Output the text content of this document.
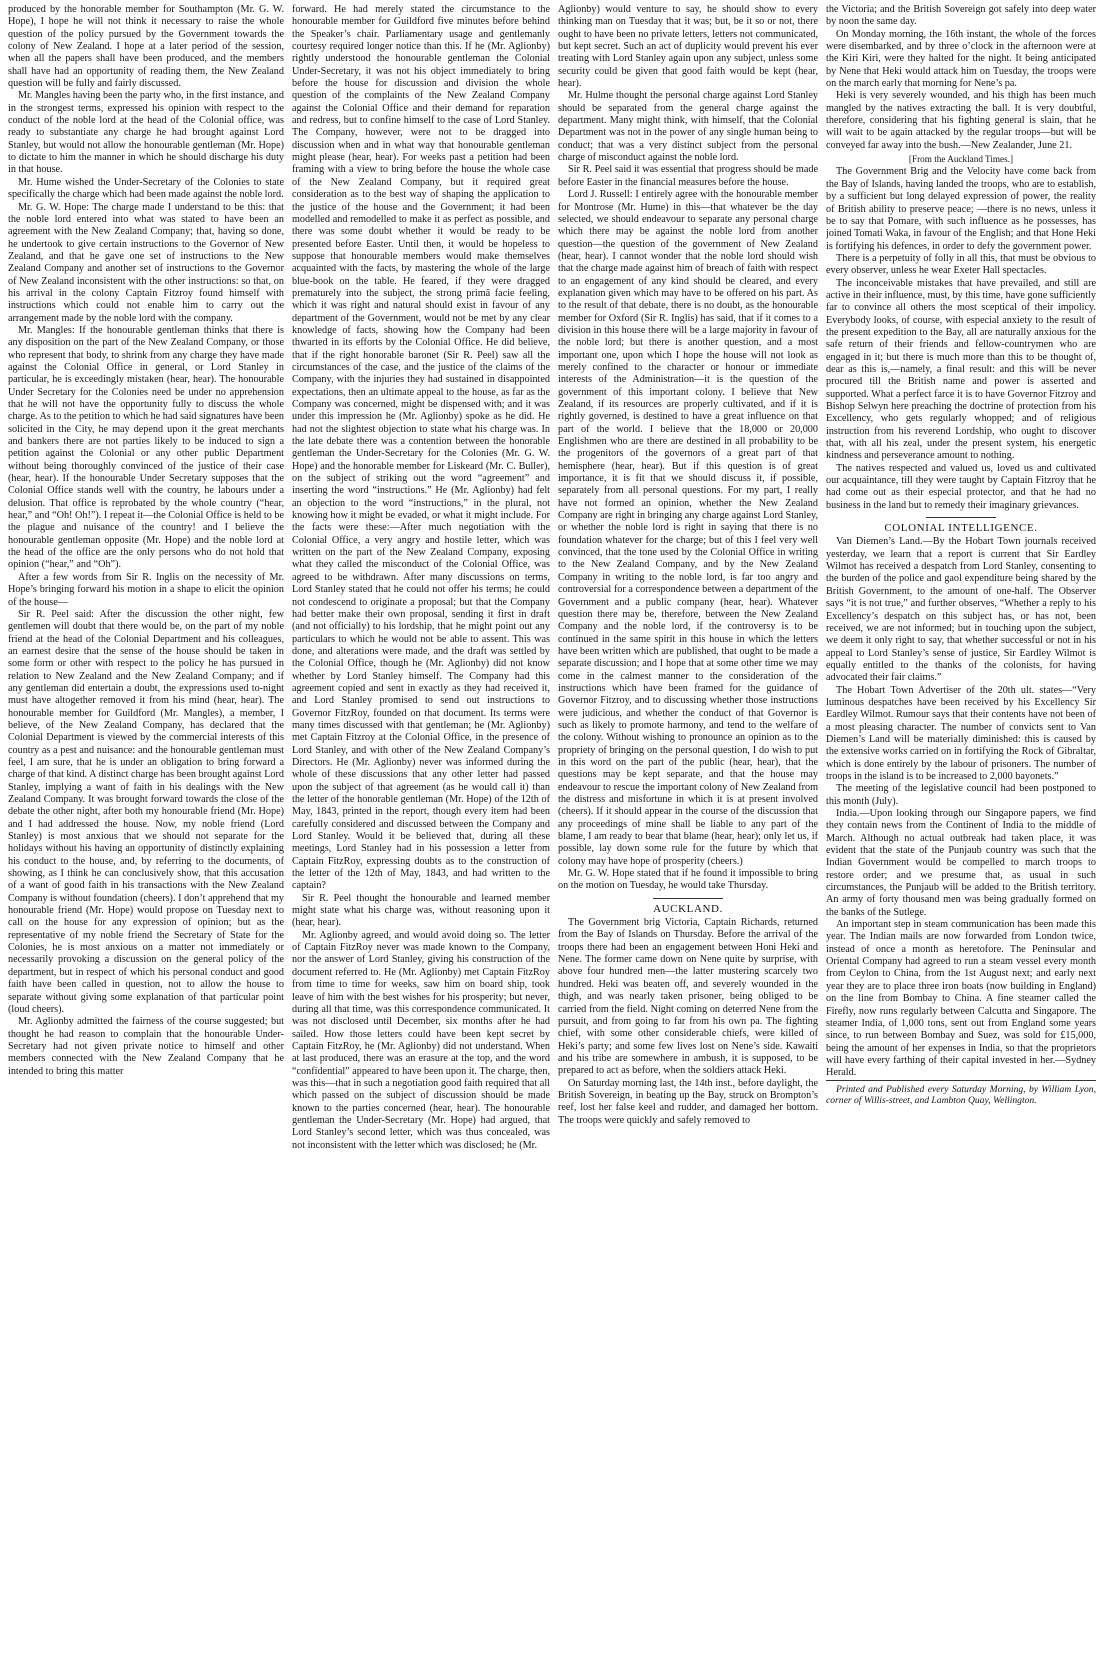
produced by the honorable member for Southampton (Mr. G. W. Hope), I hope he will not think it necessary to raise the whole question of the policy pursued by the Government towards the colony of New Zealand. I hope at a later period of the session, when all the papers shall have been produced, and the members shall have had an opportunity of reading them, the New Zealand question will be fully and fairly discussed.

Mr. Mangles having been the party who, in the first instance, and in the strongest terms, expressed his opinion with respect to the conduct of the noble lord at the head of the Colonial office, was ready to substantiate any charge he had brought against Lord Stanley, but would not allow the honourable gentleman (Mr. Hope) to dictate to him the manner in which he should discharge his duty in that house.

Mr. Hume wished the Under-Secretary of the Colonies to state specifically the charge which had been made against the noble lord.

Mr. G. W. Hope: The charge made I understand to be this: that the noble lord entered into what was stated to have been an agreement with the New Zealand Company; that, having so done, he undertook to give certain instructions to the Governor of New Zealand, and that he gave one set of instructions to the New Zealand Company and another set of instructions to the Governor of New Zealand inconsistent with the other instructions: so that, on his arrival in the colony Captain Fitzroy found himself with instructions which could not enable him to carry out the arrangement made by the noble lord with the company.

Mr. Mangles: If the honourable gentleman thinks that there is any disposition on the part of the New Zealand Company, or those who represent that body, to shrink from any charge they have made against the Colonial Office in general, or Lord Stanley in particular, he is exceedingly mistaken (hear, hear). The honourable Under Secretary for the Colonies need be under no apprehension that he will not have the opportunity fully to discuss the whole charge. As to the petition to which he had said signatures have been solicited in the City, he may depend upon it the great merchants and bankers there are not parties likely to be induced to sign a petition against the Colonial or any other public Department without being thoroughly convinced of the justice of their case (hear, hear). If the honourable Under Secretary supposes that the Colonial Office stands well with the country, he labours under a delusion. That office is reprobated by the whole country (“hear, hear,” and “Oh! Oh!”). I repeat it—the Colonial Office is held to be the plague and nuisance of the country! and I believe the honourable gentleman opposite (Mr. Hope) and the noble lord at the head of the office are the only persons who do not hold that opinion (“hear,” and “Oh”).

After a few words from Sir R. Inglis on the necessity of Mr. Hope’s bringing forward his motion in a shape to elicit the opinion of the house—

Sir R. Peel said: After the discussion the other night, few gentlemen will doubt that there would be, on the part of my noble friend at the head of the Colonial Department and his colleagues, an earnest desire that the sense of the house should be taken in some form or other with respect to the policy he has pursued in relation to New Zealand and the New Zealand Company; and if any gentleman did entertain a doubt, the expressions used to-night must have altogether removed it from his mind (hear, hear). The honourable member for Guildford (Mr. Mangles), a member, I believe, of the New Zealand Company, has declared that the Colonial Department is viewed by the commercial interests of this country as a pest and nuisance: and the honourable gentleman must feel, I am sure, that he is under an obligation to bring forward a charge of that kind. A distinct charge has been brought against Lord Stanley, implying a want of faith in his dealings with the New Zealand Company. It was brought forward towards the close of the debate the other night, after both my honourable friend (Mr. Hope) and I had addressed the house. Now, my noble friend (Lord Stanley) is most anxious that we should not separate for the holidays without his having an opportunity of distinctly explaining his conduct to the house, and, by referring to the documents, of showing, as I think he can conclusively show, that this accusation of a want of good faith in his transactions with the New Zealand Company is without foundation (cheers). I don’t apprehend that my honourable friend (Mr. Hope) would propose on Tuesday next to call on the house for any expression of opinion; but as the representative of my noble friend the Secretary of State for the Colonies, he is most anxious on a matter not immediately or necessarily provoking a discussion on the general policy of the department, but in respect of which his personal conduct and good faith have been called in question, not to allow the house to separate without giving some explanation of that particular point (loud cheers).

Mr. Aglionby admitted the fairness of the course suggested; but thought he had reason to complain that the honourable Under-Secretary had not given private notice to himself and other members connected with the New Zealand Company that he intended to bring this matter

forward. He had merely stated the circumstance to the honourable member for Guildford five minutes before behind the Speaker’s chair. Parliamentary usage and gentlemanly courtesy required longer notice than this. If he (Mr. Aglionby) rightly understood the honourable gentleman the Colonial Under-Secretary, it was not his object immediately to bring before the house for discussion and division the whole question of the complaints of the New Zealand Company against the Colonial Office and their demand for reparation and redress, but to confine himself to the case of Lord Stanley. The Company, however, were not to be dragged into discussion when and in what way that honourable gentleman might please (hear, hear). For weeks past a petition had been framing with a view to bring before the house the whole case of the New Zealand Company, but it required great consideration as to the best way of shaping the application to the justice of the house and the Government; it had been modelled and remodelled to make it as perfect as possible, and there was some doubt whether it would be ready to be presented before Easter. Until then, it would be hopeless to suppose that honourable members would make themselves acquainted with the facts, by mastering the whole of the large blue-book on the table. He feared, if they were dragged prematurely into the subject, the strong primâ facie feeling, which it was right and natural should exist in favour of any department of the Government, would not be met by any clear knowledge of facts, showing how the Company had been thwarted in its efforts by the Colonial Office. He did believe, that if the right honorable baronet (Sir R. Peel) saw all the circumstances of the case, and the justice of the claims of the Company, with the injuries they had sustained in disappointed expectations, then an ultimate appeal to the house, as far as the Company was concerned, might be dispensed with; and it was under this impression he (Mr. Aglionby) spoke as he did. He had not the slightest objection to state what his charge was. In the late debate there was a contention between the honorable gentleman the Under-Secretary for the Colonies (Mr. G. W. Hope) and the honorable member for Liskeard (Mr. C. Buller), on the subject of striking out the word “agreement” and inserting the word “instructions.” He (Mr. Aglionby) had felt an objection to the word “instructions,” in the plural, not knowing how it might be evaded, or what it might include. For the facts were these:—After much negotiation with the Colonial Office, a very angry and hostile letter, which was written on the part of the New Zealand Company, exposing what they called the misconduct of the Colonial Office, was agreed to be withdrawn. After many discussions on terms, Lord Stanley stated that he could not offer his terms; he could not condescend to originate a proposal; but that the Company had better make their own proposal, sending it first in draft (and not officially) to his lordship, that he might point out any particulars to which he would not be able to assent. This was done, and alterations were made, and the draft was settled by the Colonial Office, though he (Mr. Aglionby) did not know whether by Lord Stanley himself. The Company had this agreement copied and sent in exactly as they had received it, and Lord Stanley promised to send out instructions to Governor FitzRoy, founded on that document. Its terms were many times discussed with that gentleman; he (Mr. Aglionby) met Captain Fitzroy at the Colonial Office, in the presence of Lord Stanley, and with other of the New Zealand Company’s Directors. He (Mr. Aglionby) never was informed during the whole of these discussions that any other letter had passed upon the subject of that agreement (as he would call it) than the letter of the honorable gentleman (Mr. Hope) of the 12th of May, 1843, printed in the report, though every item had been carefully considered and discussed between the Company and Lord Stanley. Would it be believed that, during all these meetings, Lord Stanley had in his possession a letter from Captain FitzRoy, expressing doubts as to the construction of the letter of the 12th of May, 1843, and had written to the captain?

Sir R. Peel thought the honourable and learned member might state what his charge was, without reasoning upon it (hear, hear).

Mr. Aglionby agreed, and would avoid doing so. The letter of Captain FitzRoy never was made known to the Company, nor the answer of Lord Stanley, giving his construction of the document referred to. He (Mr. Aglionby) met Captain FitzRoy from time to time for weeks, saw him on board ship, took leave of him with the best wishes for his prosperity; but never, during all that time, was this correspondence communicated. It was not disclosed until December, six months after he had sailed. How those letters could have been kept secret by Captain FitzRoy, he (Mr. Aglionby) did not understand. When at last produced, there was an erasure at the top, and the word “confidential” appeared to have been upon it. The charge, then, was this—that in such a negotiation good faith required that all which passed on the subject of discussion should be made known to the parties concerned (hear, hear). The honourable gentleman the Under-Secretary (Mr. Hope) had argued, that Lord Stanley’s second letter, which was thus concealed, was not inconsistent with the letter which was disclosed; he (Mr.

Aglionby) would venture to say, he should show to every thinking man on Tuesday that it was; but, be it so or not, there ought to have been no private letters, letters not communicated, but kept secret. Such an act of duplicity would prevent his ever treating with Lord Stanley again upon any subject, unless some security could be given that good faith would be kept (hear, hear).

Mr. Hulme thought the personal charge against Lord Stanley should be separated from the general charge against the department. Many might think, with himself, that the Colonial Department was not in the power of any single human being to conduct; that was a very distinct subject from the personal charge of misconduct against the noble lord.

Sir R. Peel said it was essential that progress should be made before Easter in the financial measures before the house.

Lord J. Russell: I entirely agree with the honourable member for Montrose (Mr. Hume) in this—that whatever be the day selected, we should endeavour to separate any personal charge which there may be against the noble lord from another question—the question of the government of New Zealand (hear, hear). I cannot wonder that the noble lord should wish that the charge made against him of breach of faith with respect to an engagement of any kind should be cleared, and every explanation given which may have to be offered on his part. As to the result of that debate, there is no doubt, as the honourable member for Oxford (Sir R. Inglis) has said, that if it comes to a division in this house there will be a large majority in favour of the noble lord; but there is another question, and a most important one, upon which I hope the house will not look as merely confined to the character or honour or immediate interests of the Administration—it is the question of the government of this important colony. I believe that New Zealand, if its resources are properly cultivated, and if it is rightly governed, is destined to have a great influence on that part of the world. I believe that the 18,000 or 20,000 Englishmen who are there are destined in all probability to be the progenitors of the governors of a great part of that hemisphere (hear, hear). But if this question is of great importance, it is fit that we should discuss it, if possible, separately from all personal questions. For my part, I really have not formed an opinion, whether the New Zealand Company are right in bringing any charge against Lord Stanley, or whether the noble lord is right in saying that there is no foundation whatever for the charge; but of this I feel very well convinced, that the tone used by the Colonial Office in writing to the New Zealand Company, and by the New Zealand Company in writing to the noble lord, is far too angry and controversial for a correspondence between a department of the Government and a public company (hear, hear). Whatever question there may be, therefore, between the New Zealand Company and the noble lord, if the controversy is to be continued in the same spirit in this house in which the letters have been written which are published, that ought to be made a separate discussion; and I hope that at some other time we may come in the calmest manner to the consideration of the instructions which have been framed for the guidance of Governor Fitzroy, and to discussing whether those instructions were judicious, and whether the conduct of that Governor is such as likely to promote harmony, and tend to the welfare of the colony. Without wishing to pronounce an opinion as to the propriety of bringing on the personal question, I do wish to put in this word on the part of the public (hear, hear), that the questions may be kept separate, and that the house may endeavour to rescue the important colony of New Zealand from the distress and misfortune in which it is at present involved (cheers). If it should appear in the course of the discussion that any proceedings of mine shall be liable to any part of the blame, I am ready to bear that blame (hear, hear); only let us, if possible, lay down some rule for the future by which that colony may have hope of prosperity (cheers.)

Mr. G. W. Hope stated that if he found it impossible to bring on the motion on Tuesday, he would take Thursday.

AUCKLAND.

The Government brig Victoria, Captain Richards, returned from the Bay of Islands on Thursday. Before the arrival of the troops there had been an engagement between Honi Heki and Nene. The former came down on Nene quite by surprise, with above four hundred men—the latter mustering scarcely two hundred. Heki was beaten off, and severely wounded in the thigh, and was nearly taken prisoner, being obliged to be carried from the field. Night coming on deterred Nene from the pursuit, and from going to far from his own pa. The fighting chief, with some other considerable chiefs, were killed of Heki’s party; and some few lives lost on Nene’s side. Kawaiti and his tribe are somewhere in ambush, it is supposed, to be prepared to act as before, when the soldiers attack Heki.

On Saturday morning last, the 14th inst., before daylight, the British Sovereign, in beating up the Bay, struck on Brompton’s reef, lost her false keel and rudder, and damaged her bottom. The troops were quickly and safely removed to

the Victoria; and the British Sovereign got safely into deep water by noon the same day.

On Monday morning, the 16th instant, the whole of the forces were disembarked, and by three o’clock in the afternoon were at the Kiri Kiri, were they halted for the night. It being anticipated by Nene that Heki would attack him on Tuesday, the troops were on the march early that morning for Nene’s pa.

Heki is very severely wounded, and his thigh has been much mangled by the natives extracting the ball. It is very doubtful, therefore, considering that his fighting general is slain, that he will wait to be again attacked by the regular troops—but will be conveyed far away into the bush.—New Zealander, June 21.

[From the Auckland Times.]

The Government Brig and the Velocity have come back from the Bay of Islands, having landed the troops, who are to establish, by a sufficient but long delayed expression of power, the reality of British ability to preserve peace; —there is no news, unless it be to say that Pomare, with such influence as he possesses, has joined Tomati Waka, in favour of the English; and that Hone Heki is fortifying his defences, in order to defy the government power.

There is a perpetuity of folly in all this, that must be obvious to every observer, unless he wear Exeter Hall spectacles.

The inconceivable mistakes that have prevailed, and still are active in their influence, must, by this time, have gone sufficiently far to convince all others the most sceptical of their impolicy. Everybody looks, of course, with especial anxiety to the result of the present expedition to the Bay, all are naturally anxious for the safe return of their friends and fellow-countrymen who are engaged in it; but there is much more than this to be thought of, dear as this is,—namely, a final result: and this will be never procured till the British name and power is asserted and supported. What a perfect farce it is to have Governor Fitzroy and Bishop Selwyn here preaching the doctrine of protection from his Excellency, who gets regularly whopped; and of religious instruction from his reverend Lordship, who ought to discover that, with all his zeal, under the present system, his energetic kindness and perseverance amount to nothing.

The natives respected and valued us, loved us and cultivated our acquaintance, till they were taught by Captain Fitzroy that he had come out as their especial protector, and that he had no business in the land but to remedy their imaginary grievances.

COLONIAL INTELLIGENCE.

Van Diemen’s Land.—By the Hobart Town journals received yesterday, we learn that a report is current that Sir Eardley Wilmot has received a despatch from Lord Stanley, consenting to the burden of the police and gaol expenditure being shared by the British Government, to the amount of one-half. The Observer says “it is not true,” and further observes, “Whether a reply to his Excellency’s despatch on this subject has, or has not, been received, we are not informed; but in touching upon the subject, we deem it only right to say, that whether successful or not in his appeal to Lord Stanley’s sense of justice, Sir Eardley Wilmot is equally entitled to the thanks of the colonists, for having advocated their fair claims.”

The Hobart Town Advertiser of the 20th ult. states—“Very luminous despatches have been received by his Excellency Sir Eardley Wilmot. Rumour says that their contents have not been of a most pleasing character. The number of convicts sent to Van Diemen’s Land will be materially diminished: this is caused by the extensive works carried on in fortifying the Rock of Gibraltar, which is done entirely by the labour of prisoners. The number of troops in the island is to be increased to 2,000 bayonets.”

The meeting of the legislative council had been postponed to this month (July).

India.—Upon looking through our Singapore papers, we find they contain news from the Continent of India to the middle of March. Although no actual outbreak had taken place, it was evident that the state of the Punjaub country was such that the Indian Government would be compelled to march troops to restore order; and we presume that, as usual in such circumstances, the Punjaub will be added to the British territory. An army of forty thousand men was being gradually formed on the banks of the Sutlege.

An important step in steam communication has been made this year. The Indian mails are now forwarded from London twice, instead of once a month as heretofore. The Peninsular and Oriental Company had agreed to run a steam vessel every month from Ceylon to China, from the 1st August next; and early next year they are to place three iron boats (now building in England) on the line from Bombay to China. A fine steamer called the Firefly, now runs regularly between Calcutta and Singapore. The steamer India, of 1,000 tons, sent out from England some years since, to run between Bombay and Suez, was sold for £15,000, being the amount of her expenses in India, so that the proprietors will have every farthing of their capital invested in her.—Sydney Herald.

Printed and Published every Saturday Morning, by William Lyon, corner of Willis-street, and Lambton Quay, Wellington.
